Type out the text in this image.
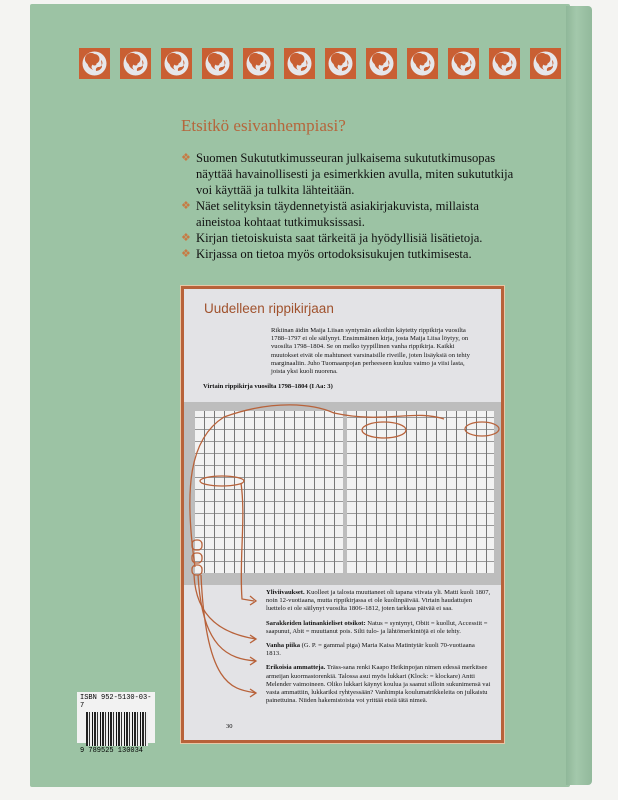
Etsitkö esivanhempiasi?
❖ Suomen Sukututkimusseuran julkaisema sukututkimusopas näyttää havainollisesti ja esimerkkien avulla, miten sukututkija voi käyttää ja tulkita lähteitään.
❖ Näet selityksin täydennetyistä asiakirjakuvista, millaista aineistoa kohtaat tutkimuksissasi.
❖ Kirjan tietoiskuista saat tärkeitä ja hyödyllisiä lisätietoja.
❖ Kirjassa on tietoa myös ortodoksisukujen tutkimisesta.
Uudelleen rippikirjaan
Rikiinan äidin Maija Liisan syntymän aikoihin käytetty rippikirja vuosilta 1788–1797 ei ole säilynyt. Ensimmäinen kirja, josta Maija Liisa löytyy, on vuosilta 1798–1804. Se on melko tyypillinen vanha rippikirja. Kaikki muutokset eivät ole mahtuneet varsinaisille riveille, joten lisäyksiä on tehty marginaaliin. Juho Tuomaanpojan perheeseen kuuluu vaimo ja viisi lasta, joista yksi kuoli nuorena.
Virtain rippikirja vuosilta 1798–1804 (I Aa: 3)

Yliviivaukset. Kuolleet ja talosta muuttaneet oli tapana viivata yli. Matti kuoli 1807, noin 12-vuotiaana, mutta rippikirjassa ei ole kuolinpäivää. Virtain haudattujen luettelo ei ole säilynyt vuosilta 1806–1812, joten tarkkaa päivää ei saa.

Sarakkeiden latinankieliset otsikot: Natus = syntynyt, Obiit = kuollut, Accessiit = saapunut, Abit = muuttanut pois. Silti tulo- ja lähtömerkintöjä ei ole tehty.

Vanha piika (G. P. = gammal piga) Maria Kaisa Matintytär kuoli 70-vuotiaana 1813.

Erikoisia ammatteja. Träss-sana renki Kaapo Heikinpojan nimen edessä merkitsee armeijan kuormastorenkiä. Talossa asui myös lukkari (Klock: = klockare) Antti Melender vaimoineen. Oliko lukkari käynyt koulua ja saanut silloin sukunimensä vai vasta ammattiin, lukkariksi ryhtyessään? Vanhimpia koulumatrikkeleita on julkaistu painettuina. Niiden hakemistoista voi yrittää etsiä tätä nimeä.

30
ISBN 952-5130-03-7
9 789525 130034
